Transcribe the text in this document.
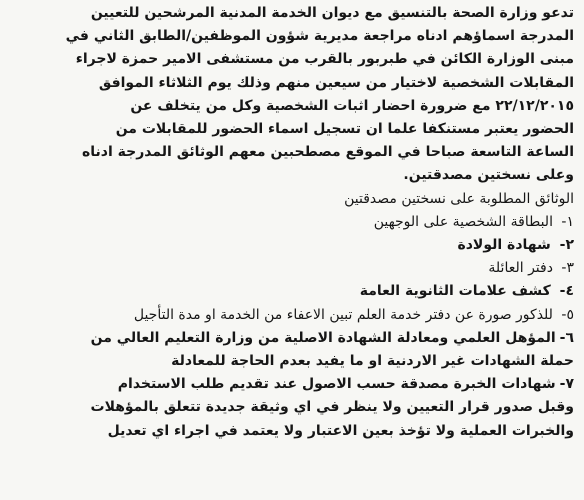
تدعو وزارة الصحة بالتنسيق مع ديوان الخدمة المدنية المرشحين للتعيين
المدرجة اسماؤهم ادناه مراجعة مديرية شؤون الموظفين/الطابق الثاني في
مبنى الوزارة الكائن في طبربور بالقرب من مستشفى الامير حمزة لاجراء
المقابلات الشخصية لاختيار من سيعين منهم وذلك يوم الثلاثاء الموافق
٢٢/١٢/٢٠١٥ مع ضرورة احضار اثبات الشخصية وكل من يتخلف عن
الحضور يعتبر مستنكفا علما ان تسجيل اسماء الحضور للمقابلات من
الساعة التاسعة صباحا في الموقع مصطحبين معهم الوثائق المدرجة ادناه
وعلى نسختين مصدقتين.

الوثائق المطلوبة على نسختين مصدقتين

١- البطاقة الشخصية على الوجهين
٢- شهادة الولادة
٣- دفتر العائلة
٤- كشف علامات الثانوية العامة
٥- للذكور صورة عن دفتر خدمة العلم تبين الاعفاء من الخدمة او مدة التأجيل
٦-المؤهل العلمي ومعادلة الشهادة الاصلية من وزارة التعليم العالي من
حملة الشهادات غير الاردنية او ما يفيد بعدم الحاجة للمعادلة
٧-شهادات الخبرة مصدقة حسب الاصول عند تقديم طلب الاستخدام
وقبل صدور قرار التعيين ولا ينظر في اي وثيقة جديدة تتعلق بالمؤهلات
والخبرات العملية ولا تؤخذ بعين الاعتبار ولا يعتمد في اجراء اي تعديل
